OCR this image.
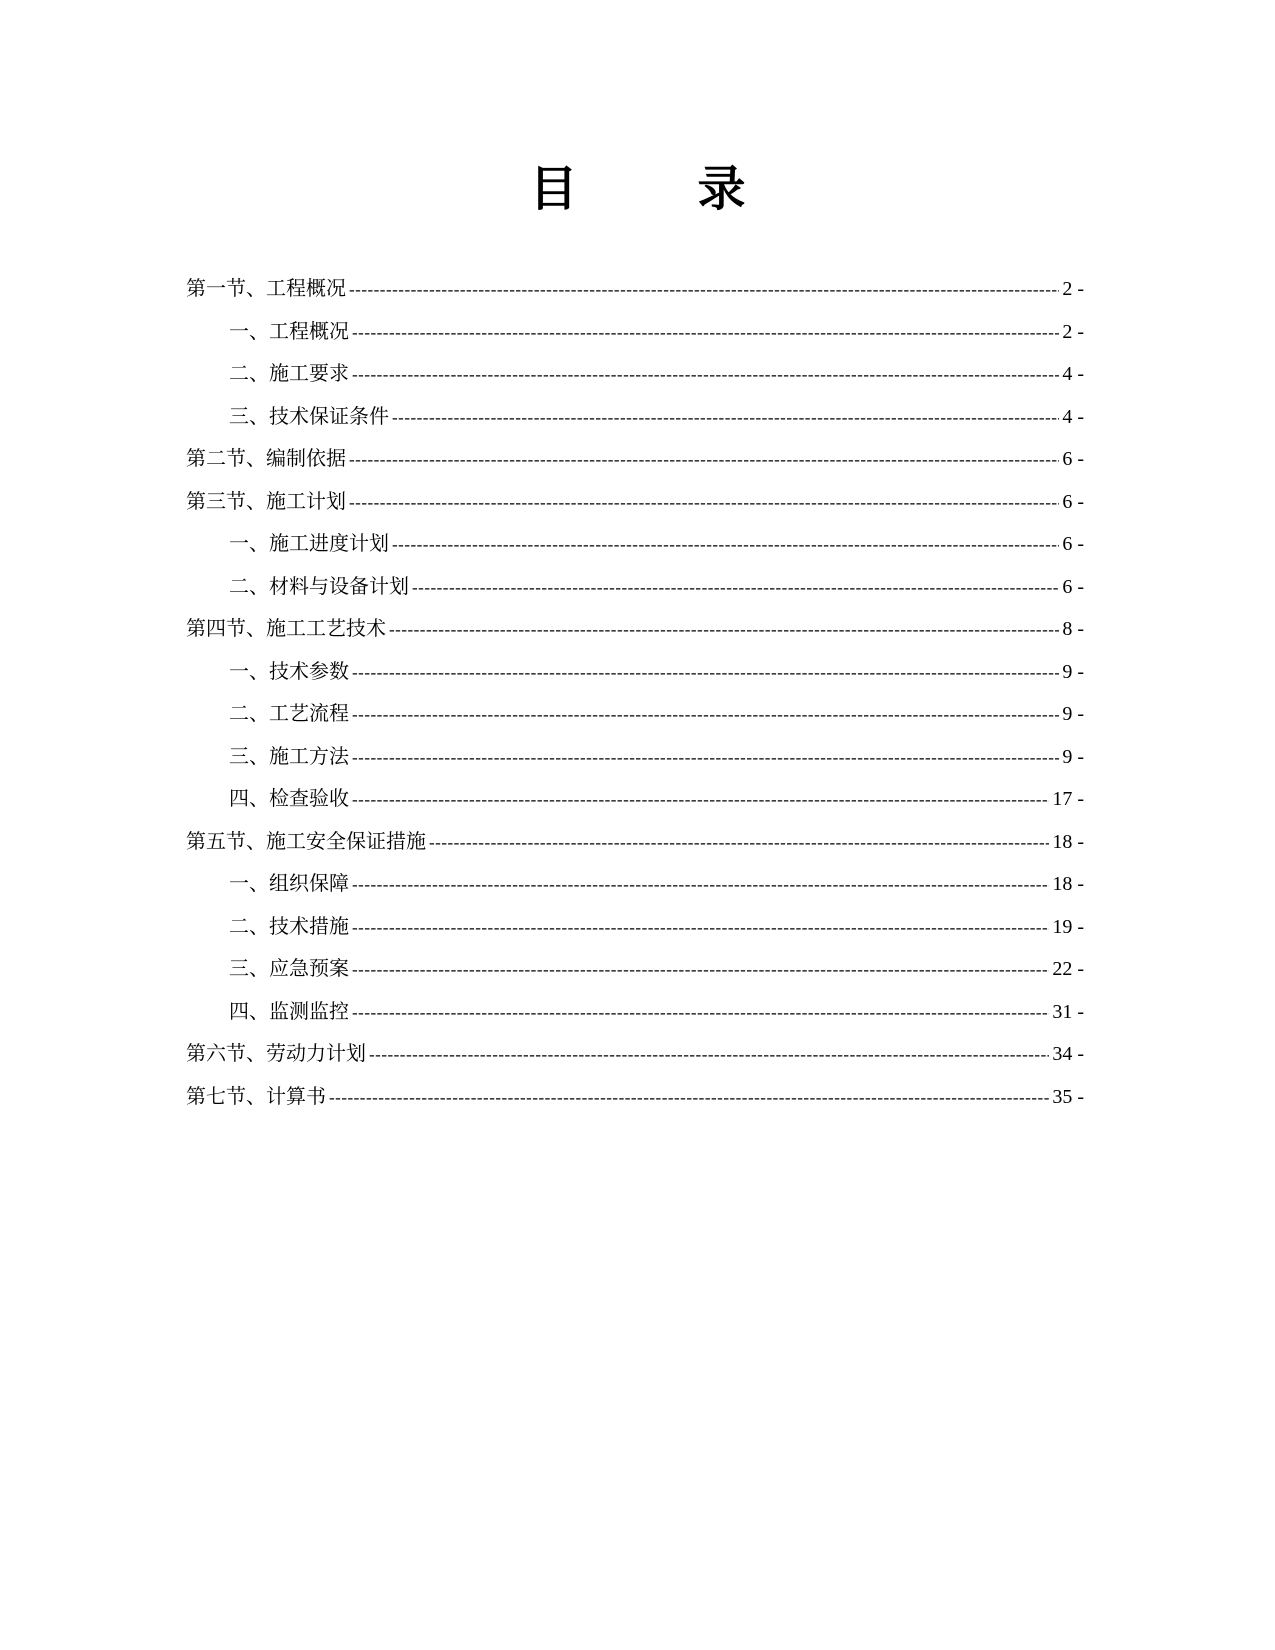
目录
第一节、工程概况 -----	2 -
一、工程概况 -----	2 -
二、施工要求 -----	4 -
三、技术保证条件 -----	4 -
第二节、编制依据 -----	6 -
第三节、施工计划 -----	6 -
一、施工进度计划 -----	6 -
二、材料与设备计划 -----	6 -
第四节、施工工艺技术 -----	8 -
一、技术参数 -----	9 -
二、工艺流程 -----	9 -
三、施工方法 -----	9 -
四、检查验收 -----	17 -
第五节、施工安全保证措施 -----	18 -
一、组织保障 -----	18 -
二、技术措施 -----	19 -
三、应急预案 -----	22 -
四、监测监控 -----	31 -
第六节、劳动力计划 -----	34 -
第七节、计算书 -----	35 -
